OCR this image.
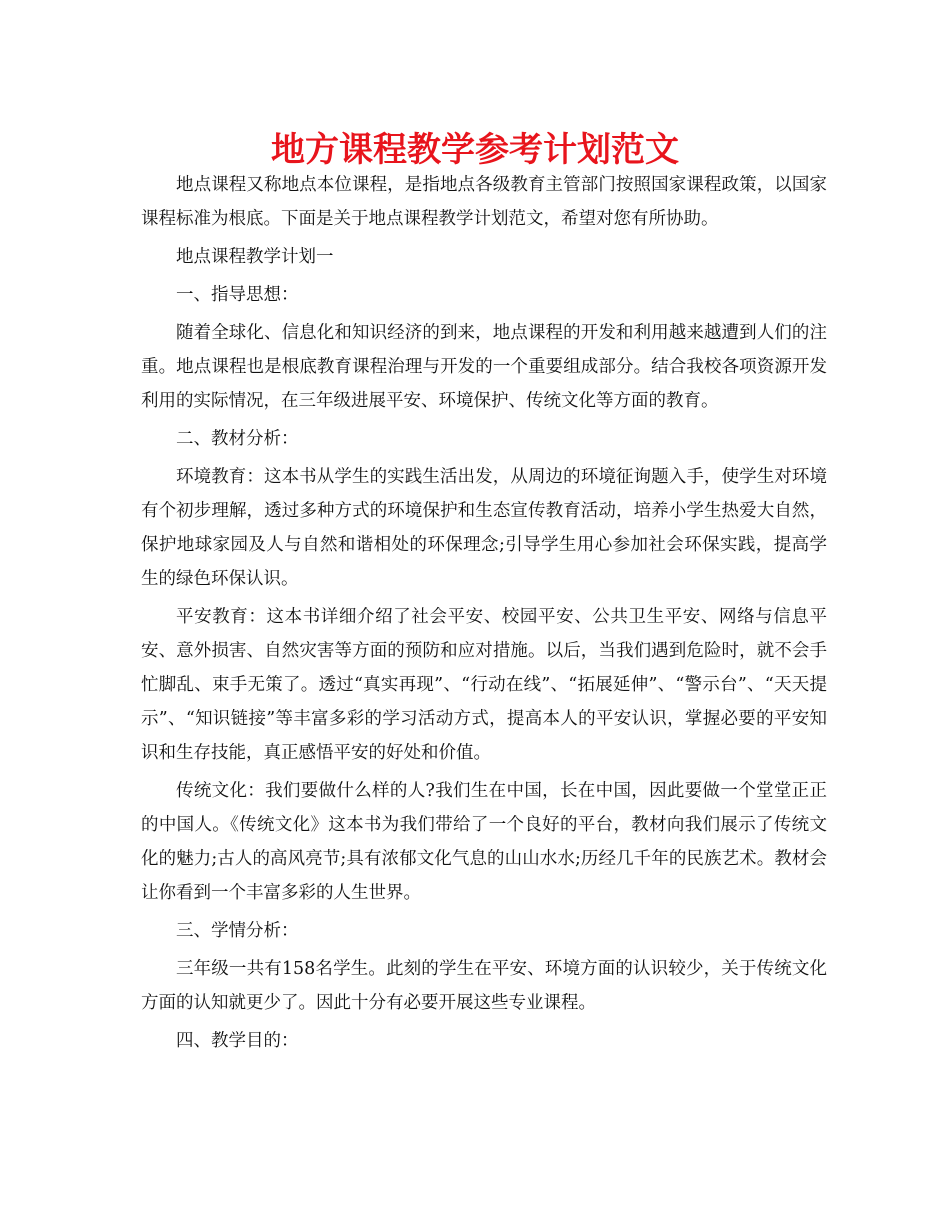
地方课程教学参考计划范文

地点课程又称地点本位课程，是指地点各级教育主管部门按照国家课程政策，以国家课程标准为根底。下面是关于地点课程教学计划范文，希望对您有所协助。

地点课程教学计划一

一、指导思想：

随着全球化、信息化和知识经济的到来，地点课程的开发和利用越来越遭到人们的注重。地点课程也是根底教育课程治理与开发的一个重要组成部分。结合我校各项资源开发利用的实际情况，在三年级进展平安、环境保护、传统文化等方面的教育。

二、教材分析：

环境教育：这本书从学生的实践生活出发，从周边的环境征询题入手，使学生对环境有个初步理解，透过多种方式的环境保护和生态宣传教育活动，培养小学生热爱大自然，保护地球家园及人与自然和谐相处的环保理念;引导学生用心参加社会环保实践，提高学生的绿色环保认识。

平安教育：这本书详细介绍了社会平安、校园平安、公共卫生平安、网络与信息平安、意外损害、自然灾害等方面的预防和应对措施。以后，当我们遇到危险时，就不会手忙脚乱、束手无策了。透过“真实再现”、“行动在线”、“拓展延伸”、“警示台”、“天天提示”、“知识链接”等丰富多彩的学习活动方式，提高本人的平安认识，掌握必要的平安知识和生存技能，真正感悟平安的好处和价值。

传统文化：我们要做什么样的人?我们生在中国，长在中国，因此要做一个堂堂正正的中国人。《传统文化》这本书为我们带给了一个良好的平台，教材向我们展示了传统文化的魅力;古人的高风亮节;具有浓郁文化气息的山山水水;历经几千年的民族艺术。教材会让你看到一个丰富多彩的人生世界。

三、学情分析：

三年级一共有158名学生。此刻的学生在平安、环境方面的认识较少，关于传统文化方面的认知就更少了。因此十分有必要开展这些专业课程。

四、教学目的：
